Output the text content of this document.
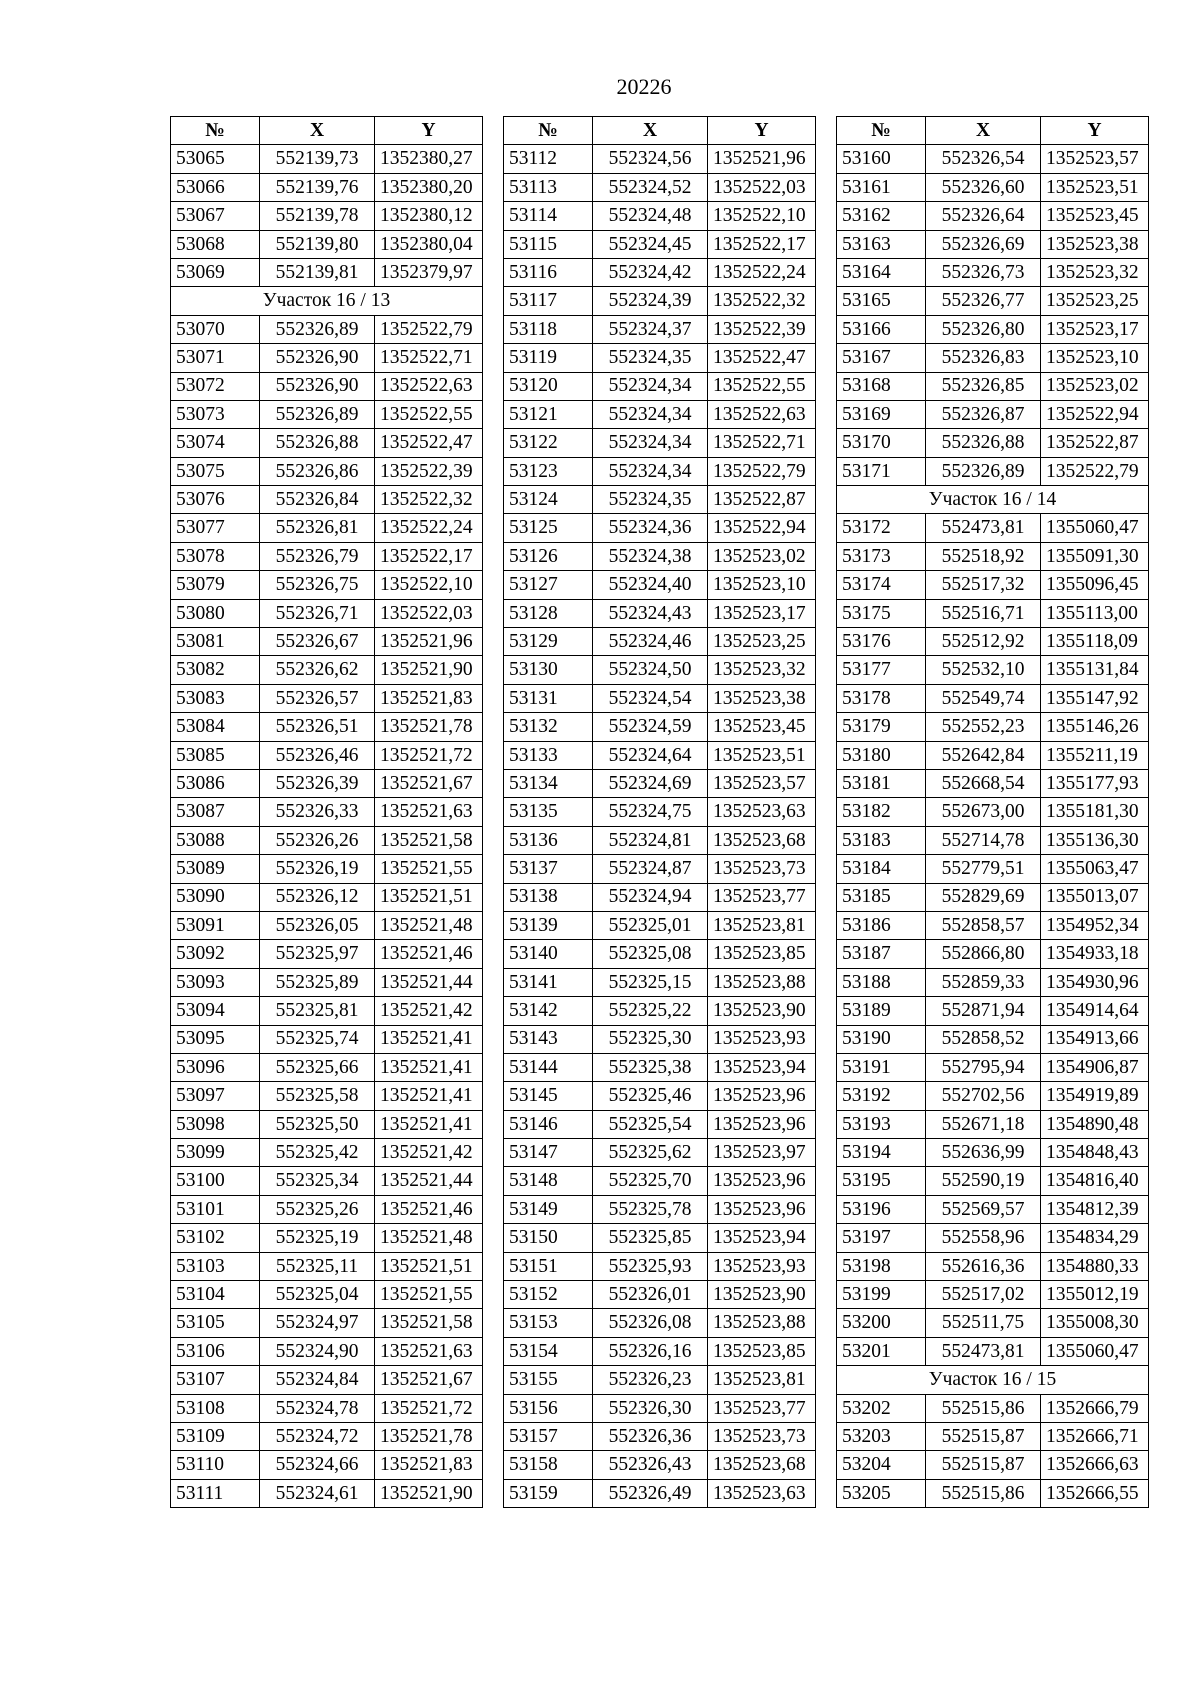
20226
№	X	Y
53065	552139,73	1352380,27
53066	552139,76	1352380,20
53067	552139,78	1352380,12
53068	552139,80	1352380,04
53069	552139,81	1352379,97
Участок 16 / 13		
53070	552326,89	1352522,79
53071	552326,90	1352522,71
53072	552326,90	1352522,63
53073	552326,89	1352522,55
53074	552326,88	1352522,47
53075	552326,86	1352522,39
53076	552326,84	1352522,32
53077	552326,81	1352522,24
53078	552326,79	1352522,17
53079	552326,75	1352522,10
53080	552326,71	1352522,03
53081	552326,67	1352521,96
53082	552326,62	1352521,90
53083	552326,57	1352521,83
53084	552326,51	1352521,78
53085	552326,46	1352521,72
53086	552326,39	1352521,67
53087	552326,33	1352521,63
53088	552326,26	1352521,58
53089	552326,19	1352521,55
53090	552326,12	1352521,51
53091	552326,05	1352521,48
53092	552325,97	1352521,46
53093	552325,89	1352521,44
53094	552325,81	1352521,42
53095	552325,74	1352521,41
53096	552325,66	1352521,41
53097	552325,58	1352521,41
53098	552325,50	1352521,41
53099	552325,42	1352521,42
53100	552325,34	1352521,44
53101	552325,26	1352521,46
53102	552325,19	1352521,48
53103	552325,11	1352521,51
53104	552325,04	1352521,55
53105	552324,97	1352521,58
53106	552324,90	1352521,63
53107	552324,84	1352521,67
53108	552324,78	1352521,72
53109	552324,72	1352521,78
53110	552324,66	1352521,83
53111	552324,61	1352521,90
№	X	Y
53112	552324,56	1352521,96
53113	552324,52	1352522,03
53114	552324,48	1352522,10
53115	552324,45	1352522,17
53116	552324,42	1352522,24
53117	552324,39	1352522,32
53118	552324,37	1352522,39
53119	552324,35	1352522,47
53120	552324,34	1352522,55
53121	552324,34	1352522,63
53122	552324,34	1352522,71
53123	552324,34	1352522,79
53124	552324,35	1352522,87
53125	552324,36	1352522,94
53126	552324,38	1352523,02
53127	552324,40	1352523,10
53128	552324,43	1352523,17
53129	552324,46	1352523,25
53130	552324,50	1352523,32
53131	552324,54	1352523,38
53132	552324,59	1352523,45
53133	552324,64	1352523,51
53134	552324,69	1352523,57
53135	552324,75	1352523,63
53136	552324,81	1352523,68
53137	552324,87	1352523,73
53138	552324,94	1352523,77
53139	552325,01	1352523,81
53140	552325,08	1352523,85
53141	552325,15	1352523,88
53142	552325,22	1352523,90
53143	552325,30	1352523,93
53144	552325,38	1352523,94
53145	552325,46	1352523,96
53146	552325,54	1352523,96
53147	552325,62	1352523,97
53148	552325,70	1352523,96
53149	552325,78	1352523,96
53150	552325,85	1352523,94
53151	552325,93	1352523,93
53152	552326,01	1352523,90
53153	552326,08	1352523,88
53154	552326,16	1352523,85
53155	552326,23	1352523,81
53156	552326,30	1352523,77
53157	552326,36	1352523,73
53158	552326,43	1352523,68
53159	552326,49	1352523,63
№	X	Y
53160	552326,54	1352523,57
53161	552326,60	1352523,51
53162	552326,64	1352523,45
53163	552326,69	1352523,38
53164	552326,73	1352523,32
53165	552326,77	1352523,25
53166	552326,80	1352523,17
53167	552326,83	1352523,10
53168	552326,85	1352523,02
53169	552326,87	1352522,94
53170	552326,88	1352522,87
53171	552326,89	1352522,79
Участок 16 / 14		
53172	552473,81	1355060,47
53173	552518,92	1355091,30
53174	552517,32	1355096,45
53175	552516,71	1355113,00
53176	552512,92	1355118,09
53177	552532,10	1355131,84
53178	552549,74	1355147,92
53179	552552,23	1355146,26
53180	552642,84	1355211,19
53181	552668,54	1355177,93
53182	552673,00	1355181,30
53183	552714,78	1355136,30
53184	552779,51	1355063,47
53185	552829,69	1355013,07
53186	552858,57	1354952,34
53187	552866,80	1354933,18
53188	552859,33	1354930,96
53189	552871,94	1354914,64
53190	552858,52	1354913,66
53191	552795,94	1354906,87
53192	552702,56	1354919,89
53193	552671,18	1354890,48
53194	552636,99	1354848,43
53195	552590,19	1354816,40
53196	552569,57	1354812,39
53197	552558,96	1354834,29
53198	552616,36	1354880,33
53199	552517,02	1355012,19
53200	552511,75	1355008,30
53201	552473,81	1355060,47
Участок 16 / 15		
53202	552515,86	1352666,79
53203	552515,87	1352666,71
53204	552515,87	1352666,63
53205	552515,86	1352666,55
